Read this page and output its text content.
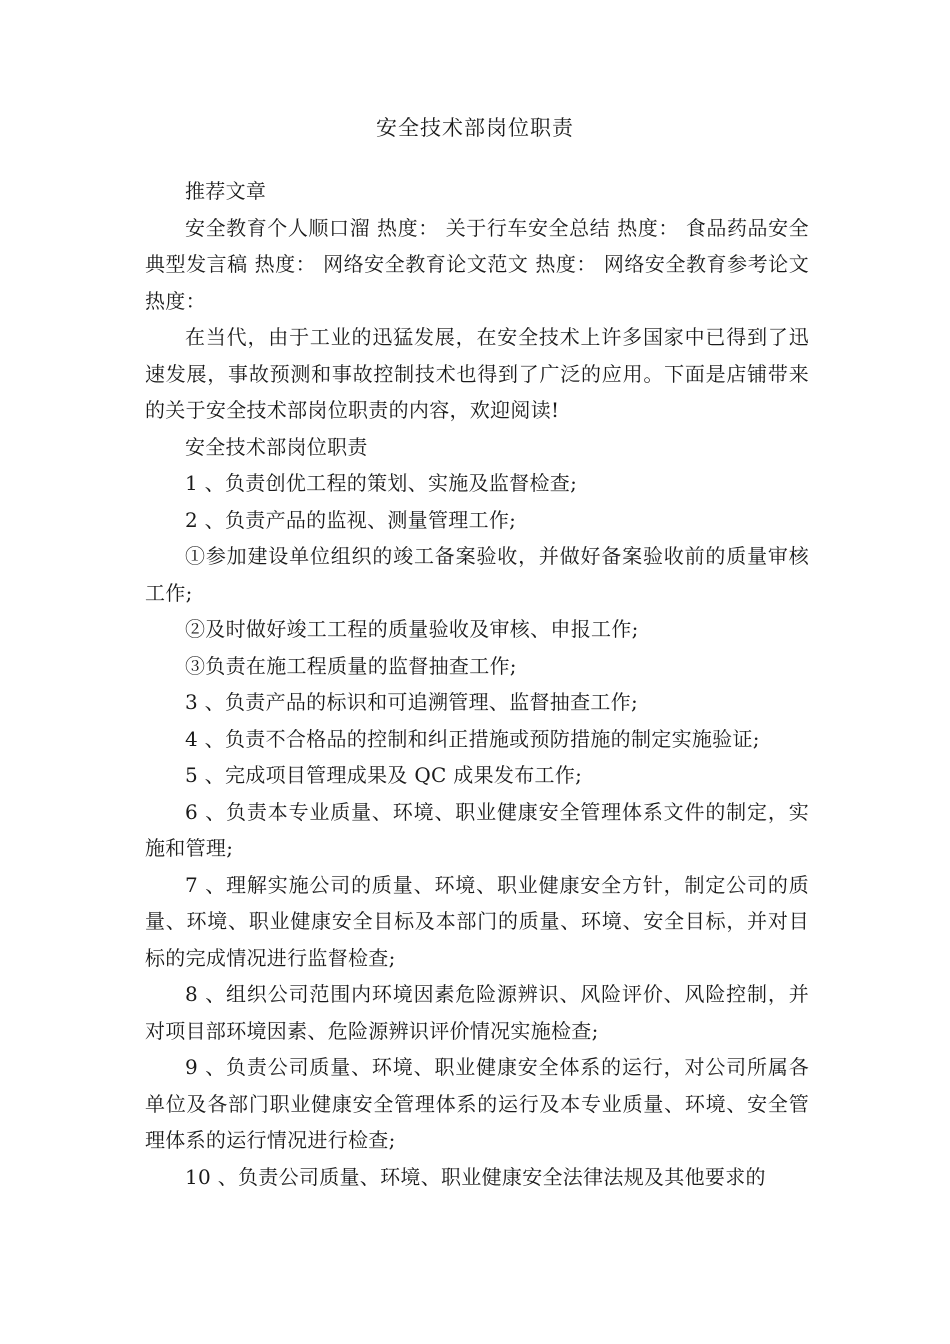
安全技术部岗位职责

推荐文章

安全教育个人顺口溜 热度： 关于行车安全总结 热度： 食品药品安全典型发言稿 热度： 网络安全教育论文范文 热度： 网络安全教育参考论文 热度：

在当代，由于工业的迅猛发展，在安全技术上许多国家中已得到了迅速发展，事故预测和事故控制技术也得到了广泛的应用。下面是店铺带来的关于安全技术部岗位职责的内容，欢迎阅读!

安全技术部岗位职责

1 、负责创优工程的策划、实施及监督检查;

2 、负责产品的监视、测量管理工作;

①参加建设单位组织的竣工备案验收，并做好备案验收前的质量审核工作;

②及时做好竣工工程的质量验收及审核、申报工作;

③负责在施工程质量的监督抽查工作;

3 、负责产品的标识和可追溯管理、监督抽查工作;

4 、负责不合格品的控制和纠正措施或预防措施的制定实施验证;

5 、完成项目管理成果及 QC 成果发布工作;

6 、负责本专业质量、环境、职业健康安全管理体系文件的制定，实施和管理;

7 、理解实施公司的质量、环境、职业健康安全方针，制定公司的质量、环境、职业健康安全目标及本部门的质量、环境、安全目标，并对目标的完成情况进行监督检查;

8 、组织公司范围内环境因素危险源辨识、风险评价、风险控制，并对项目部环境因素、危险源辨识评价情况实施检查;

9 、负责公司质量、环境、职业健康安全体系的运行，对公司所属各单位及各部门职业健康安全管理体系的运行及本专业质量、环境、安全管理体系的运行情况进行检查;

10 、负责公司质量、环境、职业健康安全法律法规及其他要求的
